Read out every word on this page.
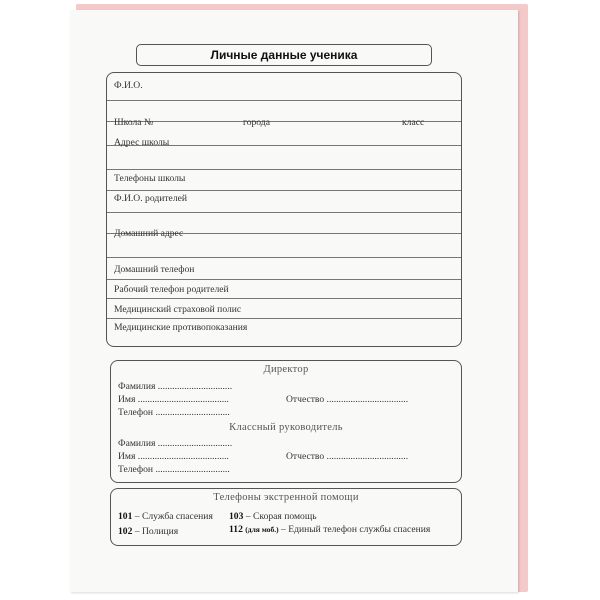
Личные данные ученика
Ф.И.О.
Школа №	города	класс
Адрес школы
Телефоны школы
Ф.И.О. родителей
Домашний адрес
Домашний телефон
Рабочий телефон родителей
Медицинский страховой полис
Медицинские противопоказания
Директор
Фамилия ...............................
Имя ......................................	Отчество ..................................
Телефон ...............................
Классный руководитель
Фамилия ...............................
Имя ......................................	Отчество ..................................
Телефон ...............................
Телефоны экстренной помощи
101 – Служба спасения
102 – Полиция
103 – Скорая помощь
112 (для моб.) – Единый телефон службы спасения
